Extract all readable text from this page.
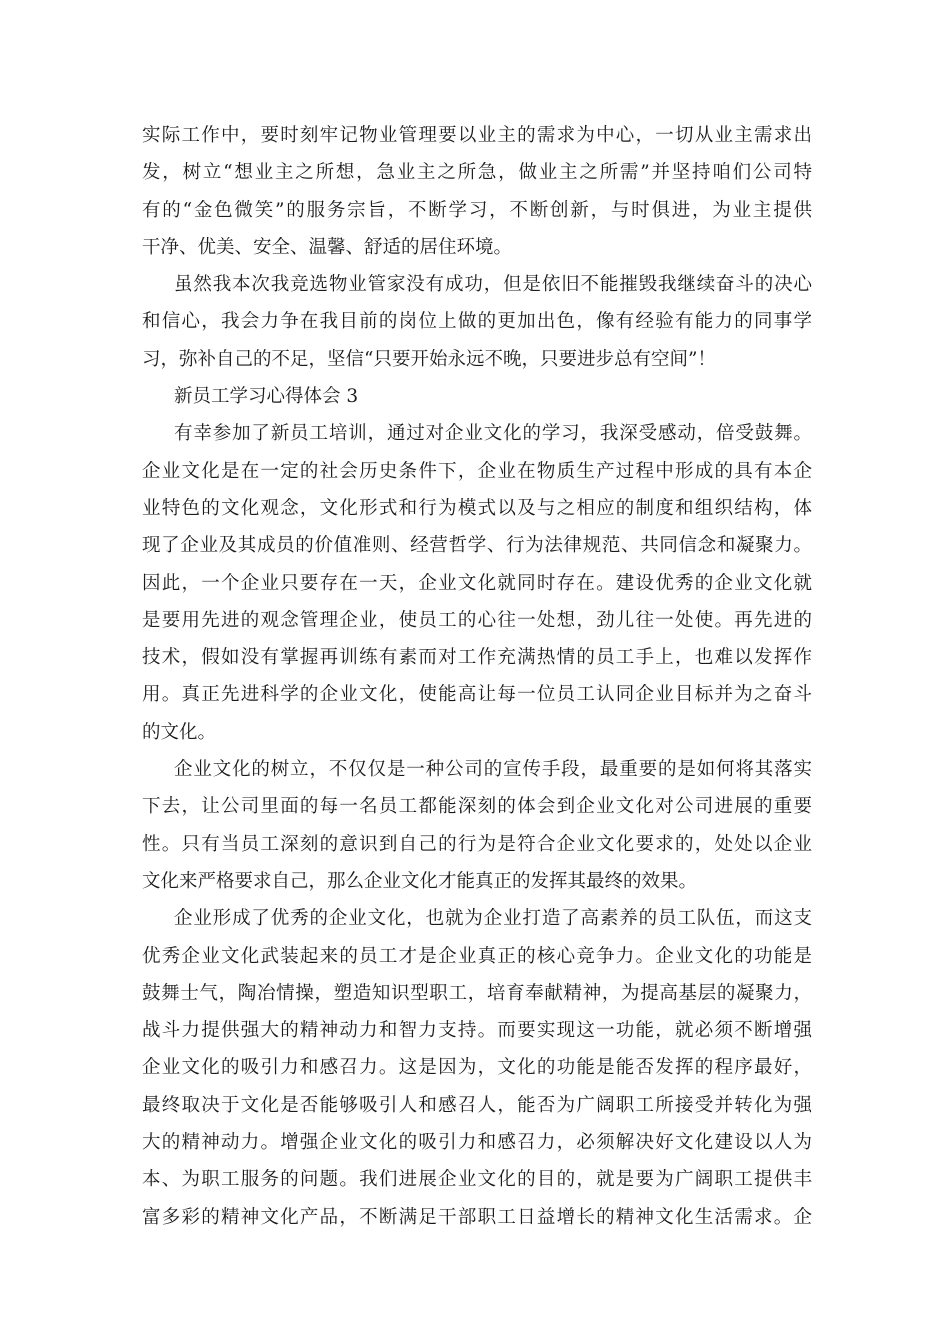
实际工作中，要时刻牢记物业管理要以业主的需求为中心，一切从业主需求出
发，树立“想业主之所想，急业主之所急，做业主之所需”并坚持咱们公司特
有的“金色微笑”的服务宗旨，不断学习，不断创新，与时俱进，为业主提供
干净、优美、安全、温馨、舒适的居住环境。
虽然我本次我竞选物业管家没有成功，但是依旧不能摧毁我继续奋斗的决心
和信心，我会力争在我目前的岗位上做的更加出色，像有经验有能力的同事学
习，弥补自己的不足，坚信“只要开始永远不晚，只要进步总有空间”！
新员工学习心得体会 3
有幸参加了新员工培训，通过对企业文化的学习，我深受感动，倍受鼓舞。
企业文化是在一定的社会历史条件下，企业在物质生产过程中形成的具有本企
业特色的文化观念，文化形式和行为模式以及与之相应的制度和组织结构，体
现了企业及其成员的价值准则、经营哲学、行为法律规范、共同信念和凝聚力。
因此，一个企业只要存在一天，企业文化就同时存在。建设优秀的企业文化就
是要用先进的观念管理企业，使员工的心往一处想，劲儿往一处使。再先进的
技术，假如没有掌握再训练有素而对工作充满热情的员工手上，也难以发挥作
用。真正先进科学的企业文化，使能高让每一位员工认同企业目标并为之奋斗
的文化。
企业文化的树立，不仅仅是一种公司的宣传手段，最重要的是如何将其落实
下去，让公司里面的每一名员工都能深刻的体会到企业文化对公司进展的重要
性。只有当员工深刻的意识到自己的行为是符合企业文化要求的，处处以企业
文化来严格要求自己，那么企业文化才能真正的发挥其最终的效果。
企业形成了优秀的企业文化，也就为企业打造了高素养的员工队伍，而这支
优秀企业文化武装起来的员工才是企业真正的核心竞争力。企业文化的功能是
鼓舞士气，陶冶情操，塑造知识型职工，培育奉献精神，为提高基层的凝聚力，
战斗力提供强大的精神动力和智力支持。而要实现这一功能，就必须不断增强
企业文化的吸引力和感召力。这是因为，文化的功能是能否发挥的程序最好，
最终取决于文化是否能够吸引人和感召人，能否为广阔职工所接受并转化为强
大的精神动力。增强企业文化的吸引力和感召力，必须解决好文化建设以人为
本、为职工服务的问题。我们进展企业文化的目的，就是要为广阔职工提供丰
富多彩的精神文化产品，不断满足干部职工日益增长的精神文化生活需求。企
